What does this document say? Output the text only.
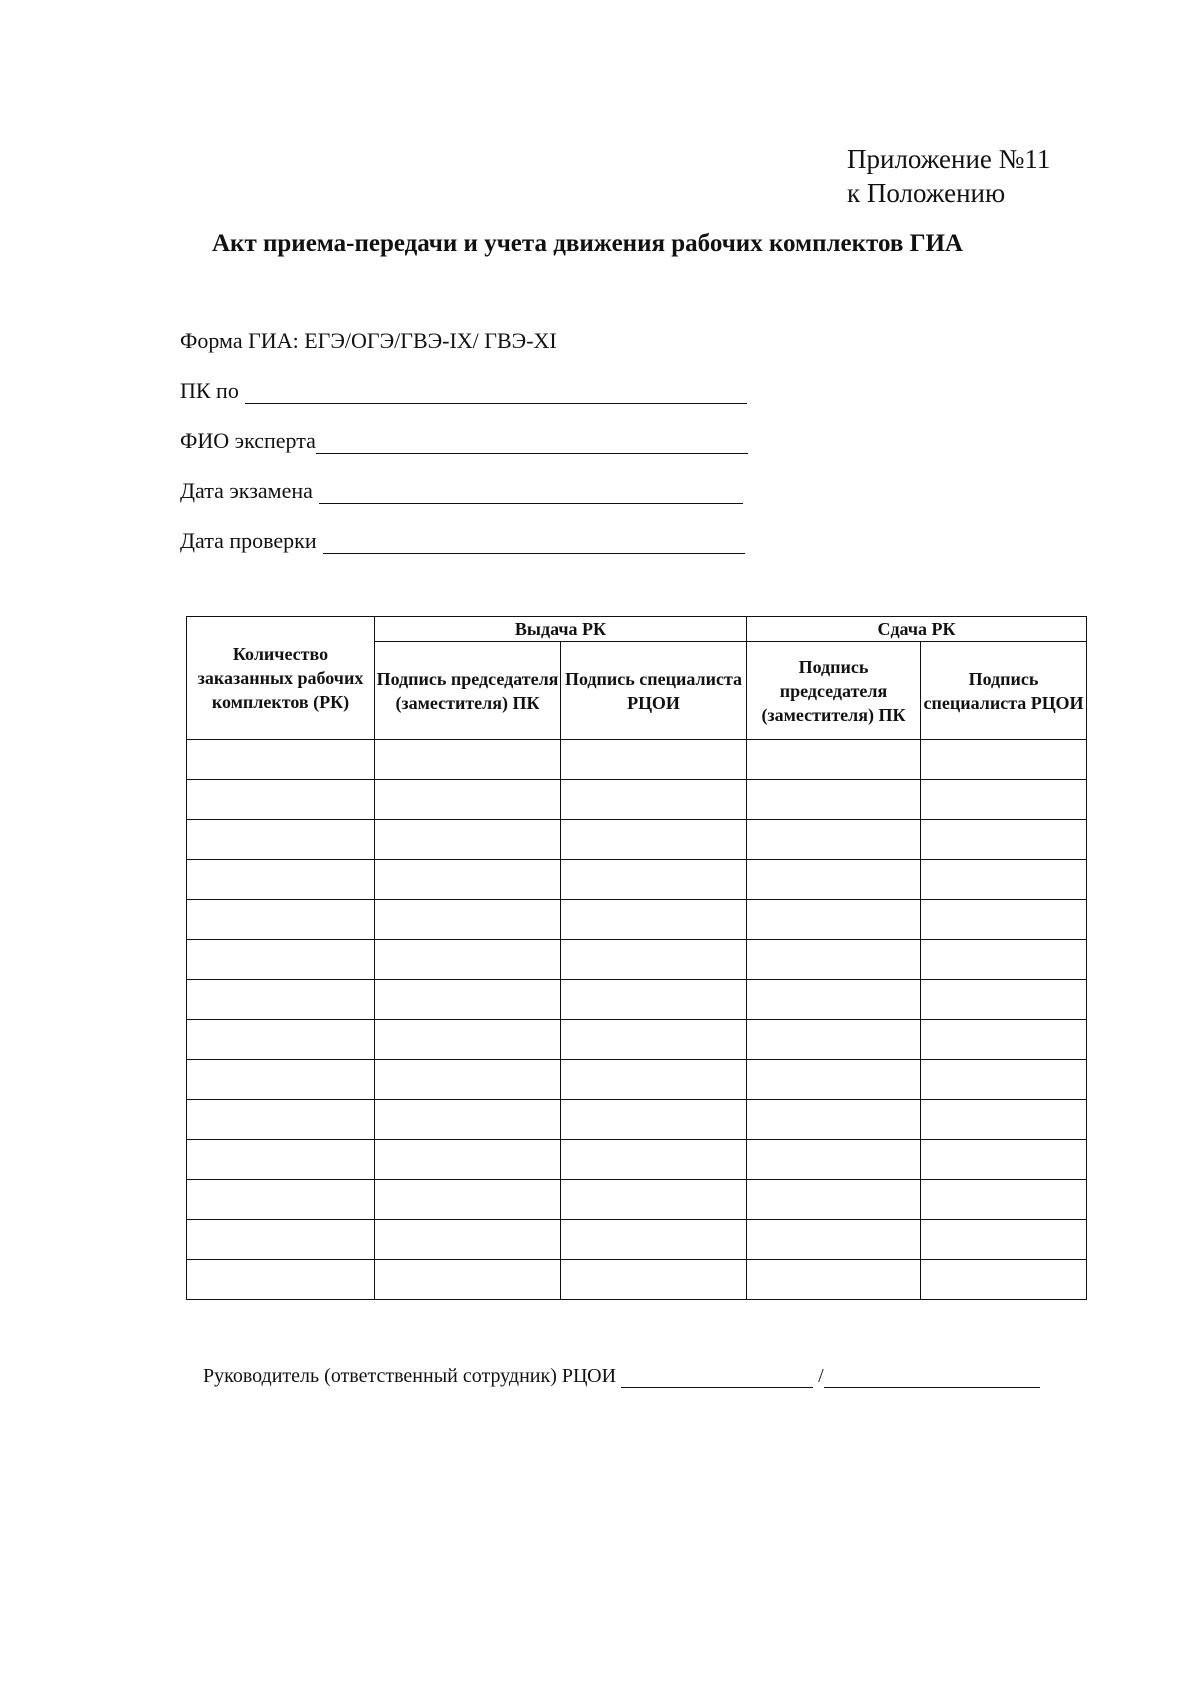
Приложение №11
к Положению
Акт приема-передачи и учета движения рабочих комплектов ГИА
Форма ГИА: ЕГЭ/ОГЭ/ГВЭ-IX/ ГВЭ-XI
ПК по
ФИО эксперта
Дата экзамена
Дата проверки
Количество заказанных рабочих комплектов (РК)	Выдача РК		Сдача РК	
	Подпись председателя (заместителя) ПК	Подпись специалиста РЦОИ	Подпись председателя (заместителя) ПК	Подпись специалиста РЦОИ

Руководитель (ответственный сотрудник) РЦОИ	/
